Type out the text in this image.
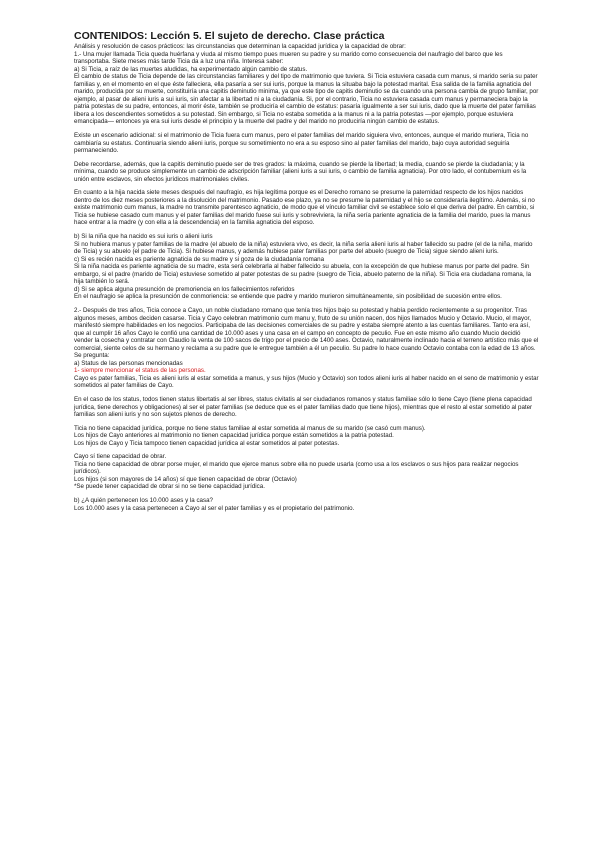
CONTENIDOS: Lección 5. El sujeto de derecho. Clase práctica

Análisis y resolución de casos prácticos: las circunstancias que determinan la capacidad jurídica y la capacidad de obrar:

1.- Una mujer llamada Ticia queda huérfana y viuda al mismo tiempo pues mueren su padre y su marido como consecuencia del naufragio del barco que les transportaba. Siete meses más tarde Ticia da a luz una niña. Interesa saber:

a) Si Ticia, a raíz de las muertes aludidas, ha experimentado algún cambio de status.

El cambio de status de Ticia depende de las circunstancias familiares y del tipo de matrimonio que tuviera. Si Ticia estuviera casada cum manus, si marido sería su pater familias y, en el momento en el que éste falleciera, ella pasaría a ser sui iuris, porque la manus la situaba bajo la potestad marital. Esa salida de la familia agnaticia del marido, producida por su muerte, constituiría una capitis deminutio minima, ya que este tipo de capitis deminutio se da cuando una persona cambia de grupo familiar, por ejemplo, al pasar de alieni iuris a sui iuris, sin afectar a la libertad ni a la ciudadanía. Si, por el contrario, Ticia no estuviera casada cum manus y permaneciera bajo la patria potestas de su padre, entonces, al morir éste, también se produciría el cambio de estatus: pasaría igualmente a ser sui iuris, dado que la muerte del pater familias libera a los descendientes sometidos a su potestad. Sin embargo, si Ticia no estaba sometida a la manus ni a la patria potestas —por ejemplo, porque estuviera emancipada— entonces ya era sui iuris desde el principio y la muerte del padre y del marido no produciría ningún cambio de estatus.

Existe un escenario adicional: si el matrimonio de Ticia fuera cum manus, pero el pater familias del marido siguiera vivo, entonces, aunque el marido muriera, Ticia no cambiaría su estatus. Continuaría siendo alieni iuris, porque su sometimiento no era a su esposo sino al pater familias del marido, bajo cuya autoridad seguiría permaneciendo.

Debe recordarse, además, que la capitis deminutio puede ser de tres grados: la máxima, cuando se pierde la libertad; la media, cuando se pierde la ciudadanía; y la mínima, cuando se produce simplemente un cambio de adscripción familiar (alieni iuris a sui iuris, o cambio de familia agnaticia). Por otro lado, el contubernium es la unión entre esclavos, sin efectos jurídicos matrimoniales civiles.

En cuanto a la hija nacida siete meses después del naufragio, es hija legítima porque es el Derecho romano se presume la paternidad respecto de los hijos nacidos dentro de los diez meses posteriores a la disolución del matrimonio. Pasado ese plazo, ya no se presume la paternidad y el hijo se consideraría ilegítimo. Además, si no existe matrimonio cum manus, la madre no transmite parentesco agnaticio, de modo que el vínculo familiar civil se establece solo el que deriva del padre. En cambio, si Ticia se hubiese casado cum manus y el pater familias del marido fuese sui iuris y sobreviviera, la niña sería pariente agnaticia de la familia del marido, pues la manus hace entrar a la madre (y con ella a la descendencia) en la familia agnaticia del esposo.

b) Si la niña que ha nacido es sui iuris o alieni iuris

Si no hubiera manus y pater familias de la madre (el abuelo de la niña) estuviera vivo, es decir, la niña sería alieni iuris al haber fallecido su padre (el de la niña, marido de Ticia) y su abuelo (el padre de Ticia). Si hubiese manus, y además hubiese pater familias por parte del abuelo (suegro de Ticia) sigue siendo alieni iuris.

c) Si es recién nacida es pariente agnaticia de su madre y si goza de la ciudadanía romana

Si la niña nacida es pariente agnaticia de su madre, esta será celebrarla al haber fallecido su abuela, con la excepción de que hubiese manus por parte del padre. Sin embargo, si el padre (marido de Ticia) estuviese sometido al pater potestas de su padre (suegro de Ticia, abuelo paterno de la niña). Si Ticia era ciudadana romana, la hija también lo será.

d) Si se aplica alguna presunción de premoriencia en los fallecimientos referidos

En el naufragio se aplica la presunción de conmoriencia: se entiende que padre y marido murieron simultáneamente, sin posibilidad de sucesión entre ellos.

2.- Después de tres años, Ticia conoce a Cayo, un noble ciudadano romano que tenía tres hijos bajo su potestad y había perdido recientemente a su progenitor. Tras algunos meses, ambos deciden casarse. Ticia y Cayo celebran matrimonio cum manu y, fruto de su unión nacen, dos hijos llamados Mucio y Octavio. Mucio, el mayor, manifestó siempre habilidades en los negocios. Participaba de las decisiones comerciales de su padre y estaba siempre atento a las cuentas familiares. Tanto era así, que al cumplir 16 años Cayo le confió una cantidad de 10.000 ases y una casa en el campo en concepto de peculio. Fue en este mismo año cuando Mucio decidió vender la cosecha y contratar con Claudio la venta de 100 sacos de trigo por el precio de 1400 ases. Octavio, naturalmente inclinado hacia el terreno artístico más que el comercial, siente celos de su hermano y reclama a su padre que le entregue también a él un peculio. Su padre lo hace cuando Octavio contaba con la edad de 13 años. Se pregunta:

a) Status de las personas mencionadas

1- siempre mencionar el status de las personas.

Cayo es pater familias, Ticia es alieni iuris al estar sometida a manus, y sus hijos (Mucio y Octavio) son todos alieni iuris al haber nacido en el seno de matrimonio y estar sometidos al pater familias de Cayo.

En el caso de los status, todos tienen status libertatis al ser libres, status civitatis al ser ciudadanos romanos y status familiae sólo lo tiene Cayo (tiene plena capacidad jurídica, tiene derechos y obligaciones) al ser el pater familias (se deduce que es el pater familias dado que tiene hijos), mientras que el resto al estar sometido al pater familias son alieni iuris y no son sujetos plenos de derecho.

Ticia no tiene capacidad jurídica, porque no tiene status familiae al estar sometida al manus de su marido (se casó cum manus).
Los hijos de Cayo anteriores al matrimonio no tienen capacidad jurídica porque están sometidos a la patria potestad.
Los hijos de Cayo y Ticia tampoco tienen capacidad jurídica al estar sometidos al pater potestas.

Cayo sí tiene capacidad de obrar.
Ticia no tiene capacidad de obrar porse mujer, el marido que ejerce manus sobre ella no puede usarla (como usa a los esclavos o sus hijos para realizar negocios jurídicos).
Los hijos (si son mayores de 14 años) sí que tienen capacidad de obrar (Octavio)
*Se puede tener capacidad de obrar si no se tiene capacidad jurídica.

b) ¿A quién pertenecen los 10.000 ases y la casa?

Los 10.000 ases y la casa pertenecen a Cayo al ser el pater familias y es el propietario del patrimonio.
